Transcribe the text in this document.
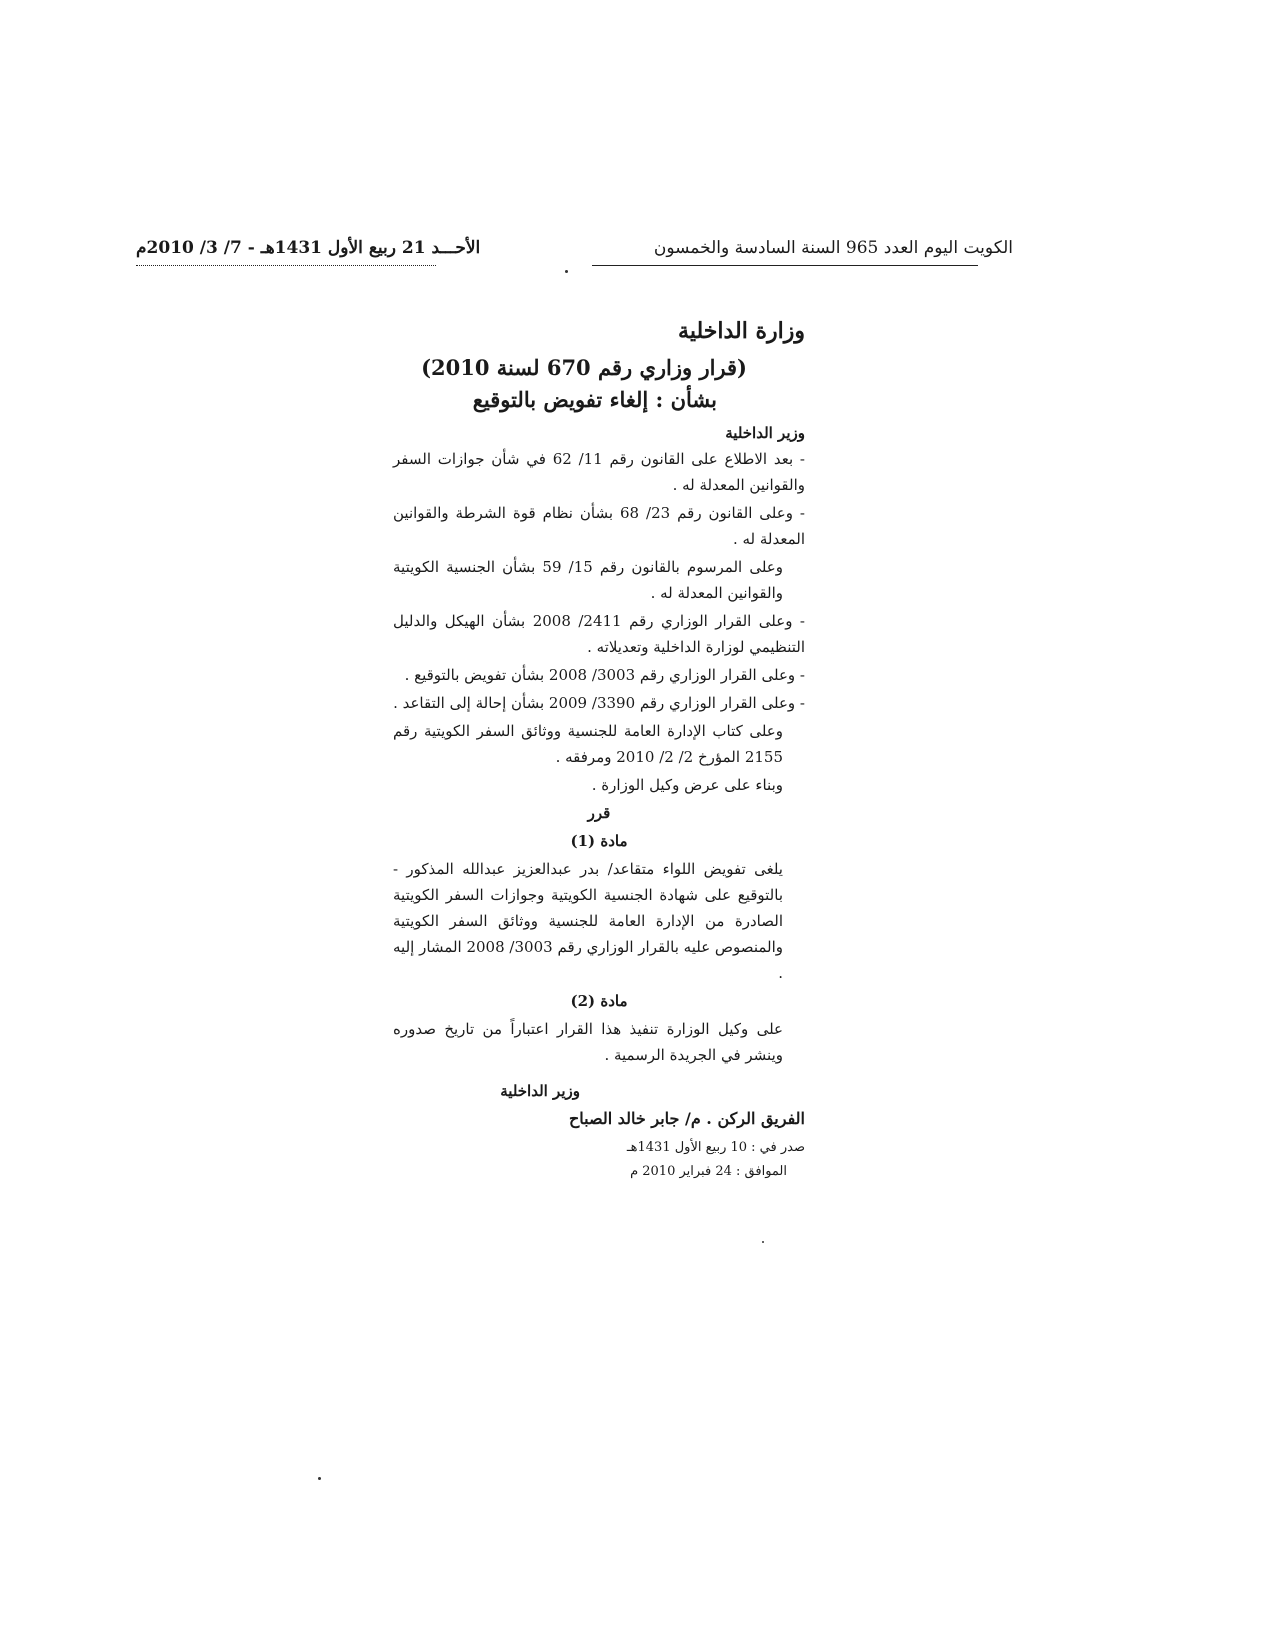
الكويت اليوم العدد 965 السنة السادسة والخمسون
الأحـــد 21 ربيع الأول 1431هـ - 7/ 3/ 2010م

وزارة الداخلية

(قرار وزاري رقم 670 لسنة 2010)

بشأن : إلغاء تفويض بالتوقيع

وزير الداخلية

- بعد الاطلاع على القانون رقم 11/ 62 في شأن جوازات السفر والقوانين المعدلة له .

- وعلى القانون رقم 23/ 68 بشأن نظام قوة الشرطة والقوانين المعدلة له .

وعلى المرسوم بالقانون رقم 15/ 59 بشأن الجنسية الكويتية والقوانين المعدلة له .

- وعلى القرار الوزاري رقم 2411/ 2008 بشأن الهيكل والدليل التنظيمي لوزارة الداخلية وتعديلاته .

- وعلى القرار الوزاري رقم 3003/ 2008 بشأن تفويض بالتوقيع .

- وعلى القرار الوزاري رقم 3390/ 2009 بشأن إحالة إلى التقاعد .

وعلى كتاب الإدارة العامة للجنسية ووثائق السفر الكويتية رقم 2155 المؤرخ 2/ 2/ 2010 ومرفقه .

وبناء على عرض وكيل الوزارة .

قرر

مادة (1)

يلغى تفويض اللواء متقاعد/ بدر عبدالعزيز عبدالله المذكور - بالتوقيع على شهادة الجنسية الكويتية وجوازات السفر الكويتية الصادرة من الإدارة العامة للجنسية ووثائق السفر الكويتية والمنصوص عليه بالقرار الوزاري رقم 3003/ 2008 المشار إليه .

مادة (2)

على وكيل الوزارة تنفيذ هذا القرار اعتباراً من تاريخ صدوره وينشر في الجريدة الرسمية .

وزير الداخلية

الفريق الركن . م/ جابر خالد الصباح

صدر في : 10 ربيع الأول 1431هـ

الموافق : 24 فبراير 2010 م
